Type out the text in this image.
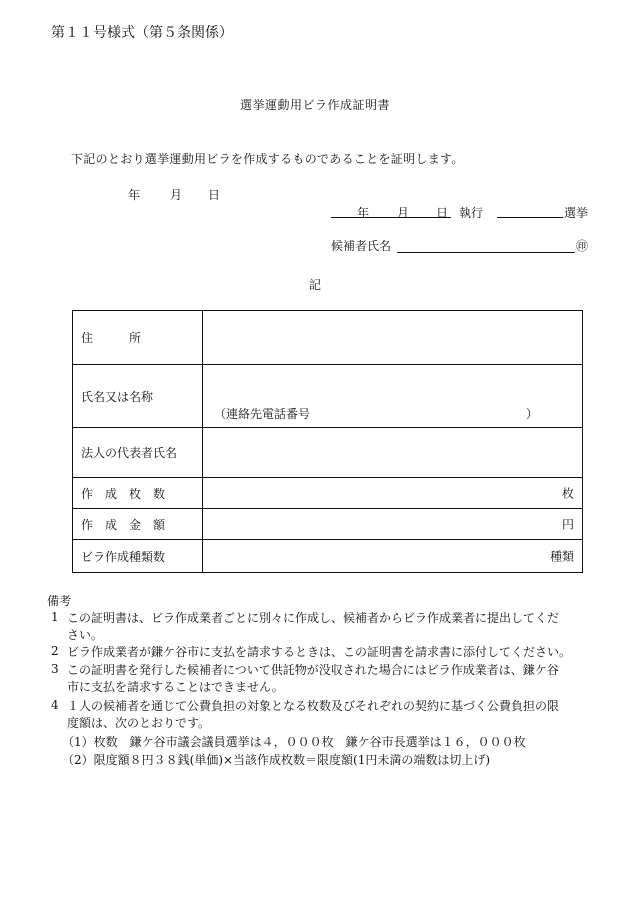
第１１号様式（第５条関係）
選挙運動用ビラ作成証明書
下記のとおり選挙運動用ビラを作成するものであることを証明します。
年 月 日
年 月 日 執行	選挙
候補者氏名	㊞
記
住　　　所	
氏名又は名称	（連絡先電話番号 ）

法人の代表者氏名	
作　成　枚　数	枚

作　成　金　額	円

ビラ作成種類数	種類
備考
1 この証明書は、ビラ作成業者ごとに別々に作成し、候補者からビラ作成業者に提出してくだ
さい。
2 ビラ作成業者が鎌ケ谷市に支払を請求するときは、この証明書を請求書に添付してください。
3 この証明書を発行した候補者について供託物が没収された場合にはビラ作成業者は、鎌ケ谷
市に支払を請求することはできません。
4 １人の候補者を通じて公費負担の対象となる枚数及びそれぞれの契約に基づく公費負担の限
度額は、次のとおりです。
（1）枚数　鎌ケ谷市議会議員選挙は４，０００枚　鎌ケ谷市長選挙は１６，０００枚
（2）限度額８円３８銭(単価)×当該作成枚数＝限度額(1円未満の端数は切上げ)
